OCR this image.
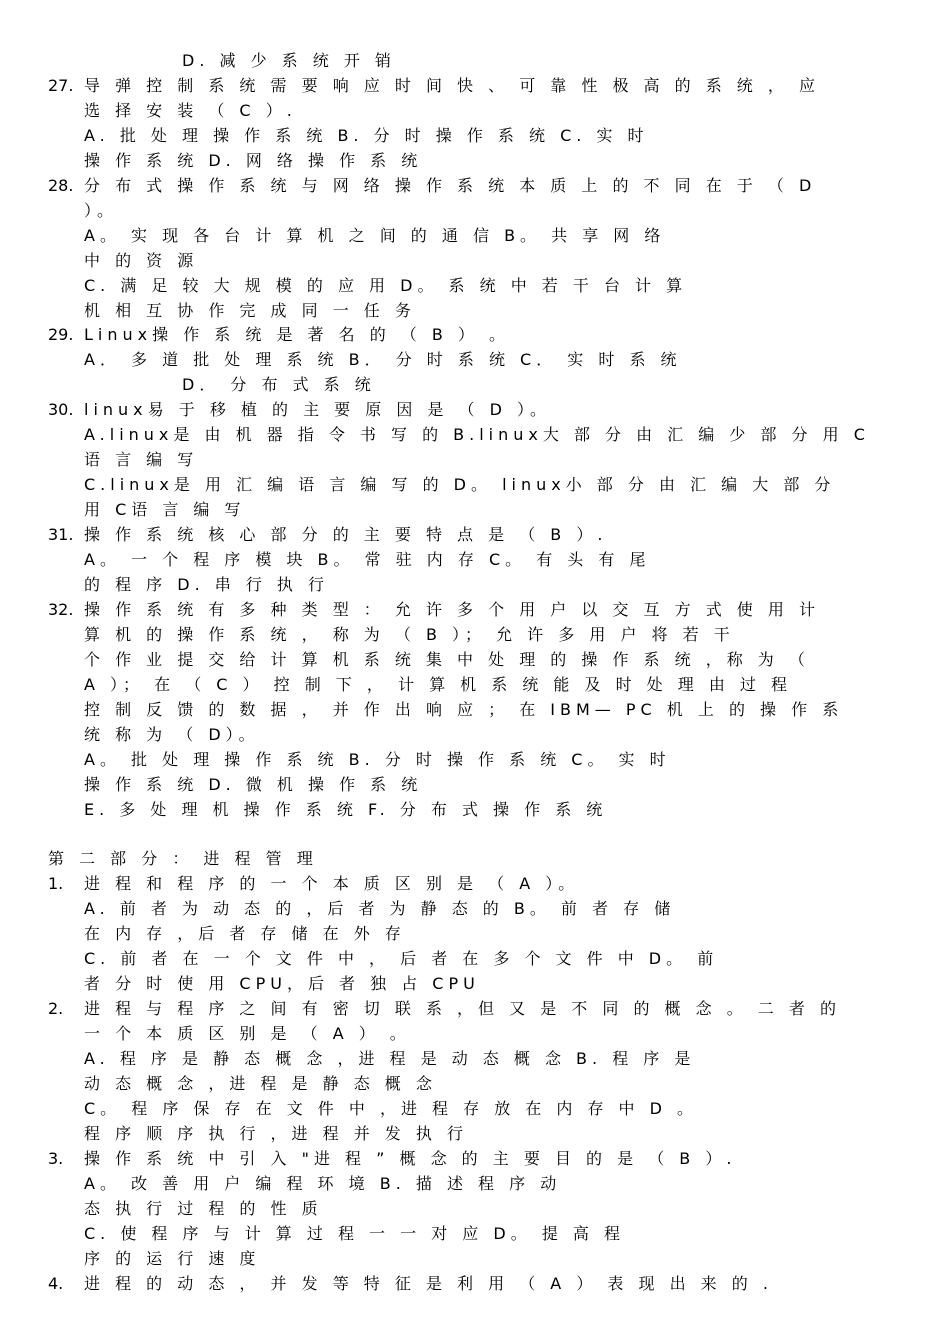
D. 减 少 系 统 开 销
27. 导 弹 控 制 系 统 需 要 响 应 时 间 快 、 可 靠 性 极 高 的 系 统 ， 应
选 择 安 装 （ C ）.
A. 批 处 理 操 作 系 统 B. 分 时 操 作 系 统 C. 实 时
操 作 系 统 D. 网 络 操 作 系 统
28. 分 布 式 操 作 系 统 与 网 络 操 作 系 统 本 质 上 的 不 同 在 于 （ D
）。
A。 实 现 各 台 计 算 机 之 间 的 通 信 B。 共 享 网 络
中 的 资 源
C. 满 足 较 大 规 模 的 应 用 D。 系 统 中 若 干 台 计 算
机 相 互 协 作 完 成 同 一 任 务
29. Linux操 作 系 统 是 著 名 的 （ B ） 。
A． 多 道 批 处 理 系 统 B． 分 时 系 统 C． 实 时 系 统
D． 分 布 式 系 统
30. linux易 于 移 植 的 主 要 原 因 是 （ D ）。
A.linux是 由 机 器 指 令 书 写 的 B.linux大 部 分 由 汇 编 少 部 分 用 C
语 言 编 写
C.linux是 用 汇 编 语 言 编 写 的 D。 linux小 部 分 由 汇 编 大 部 分
用 C语 言 编 写
31. 操 作 系 统 核 心 部 分 的 主 要 特 点 是 （ B ）.
A。 一 个 程 序 模 块 B。 常 驻 内 存 C。 有 头 有 尾
的 程 序 D. 串 行 执 行
32. 操 作 系 统 有 多 种 类 型 ： 允 许 多 个 用 户 以 交 互 方 式 使 用 计
算 机 的 操 作 系 统 ， 称 为 （ B ）； 允 许 多 用 户 将 若 干
个 作 业 提 交 给 计 算 机 系 统 集 中 处 理 的 操 作 系 统 ，称 为 （
A ）； 在 （ C ） 控 制 下 ， 计 算 机 系 统 能 及 时 处 理 由 过 程
控 制 反 馈 的 数 据 ， 并 作 出 响 应 ； 在 IBM— PC 机 上 的 操 作 系
统 称 为 （ D）。
A。 批 处 理 操 作 系 统 B. 分 时 操 作 系 统 C。 实 时
操 作 系 统 D. 微 机 操 作 系 统
E. 多 处 理 机 操 作 系 统 F. 分 布 式 操 作 系 统
第 二 部 分 ： 进 程 管 理
1. 进 程 和 程 序 的 一 个 本 质 区 别 是 （ A ）。
A. 前 者 为 动 态 的 ，后 者 为 静 态 的 B。 前 者 存 储
在 内 存 ，后 者 存 储 在 外 存
C. 前 者 在 一 个 文 件 中 ， 后 者 在 多 个 文 件 中 D。 前
者 分 时 使 用 CPU，后 者 独 占 CPU
2. 进 程 与 程 序 之 间 有 密 切 联 系 ，但 又 是 不 同 的 概 念 。 二 者 的
一 个 本 质 区 别 是 （ A ） 。
A. 程 序 是 静 态 概 念 ，进 程 是 动 态 概 念 B. 程 序 是
动 态 概 念 ，进 程 是 静 态 概 念
C。 程 序 保 存 在 文 件 中 ，进 程 存 放 在 内 存 中 D 。
程 序 顺 序 执 行 ，进 程 并 发 执 行
3. 操 作 系 统 中 引 入 "进 程 ” 概 念 的 主 要 目 的 是 （ B ）.
A。 改 善 用 户 编 程 环 境 B. 描 述 程 序 动
态 执 行 过 程 的 性 质
C. 使 程 序 与 计 算 过 程 一 一 对 应 D。 提 高 程
序 的 运 行 速 度
4. 进 程 的 动 态 ， 并 发 等 特 征 是 利 用 （ A ） 表 现 出 来 的 .
